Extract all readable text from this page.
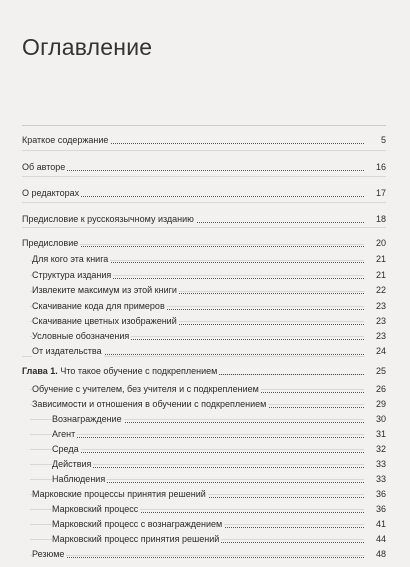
Оглавление
Краткое содержание	5
Об авторе	16
О редакторах	17
Предисловие к русскоязычному изданию	18
Предисловие	20
Для кого эта книга	21
Структура издания	21
Извлеките максимум из этой книги	22
Скачивание кода для примеров	23
Скачивание цветных изображений	23
Условные обозначения	23
От издательства	24
Глава 1. Что такое обучение с подкреплением	25
Обучение с учителем, без учителя и с подкреплением	26
Зависимости и отношения в обучении с подкреплением	29
Вознаграждение	30
Агент	31
Среда	32
Действия	33
Наблюдения	33
Марковские процессы принятия решений	36
Марковский процесс	36
Марковский процесс с вознаграждением	41
Марковский процесс принятия решений	44
Резюме	48
